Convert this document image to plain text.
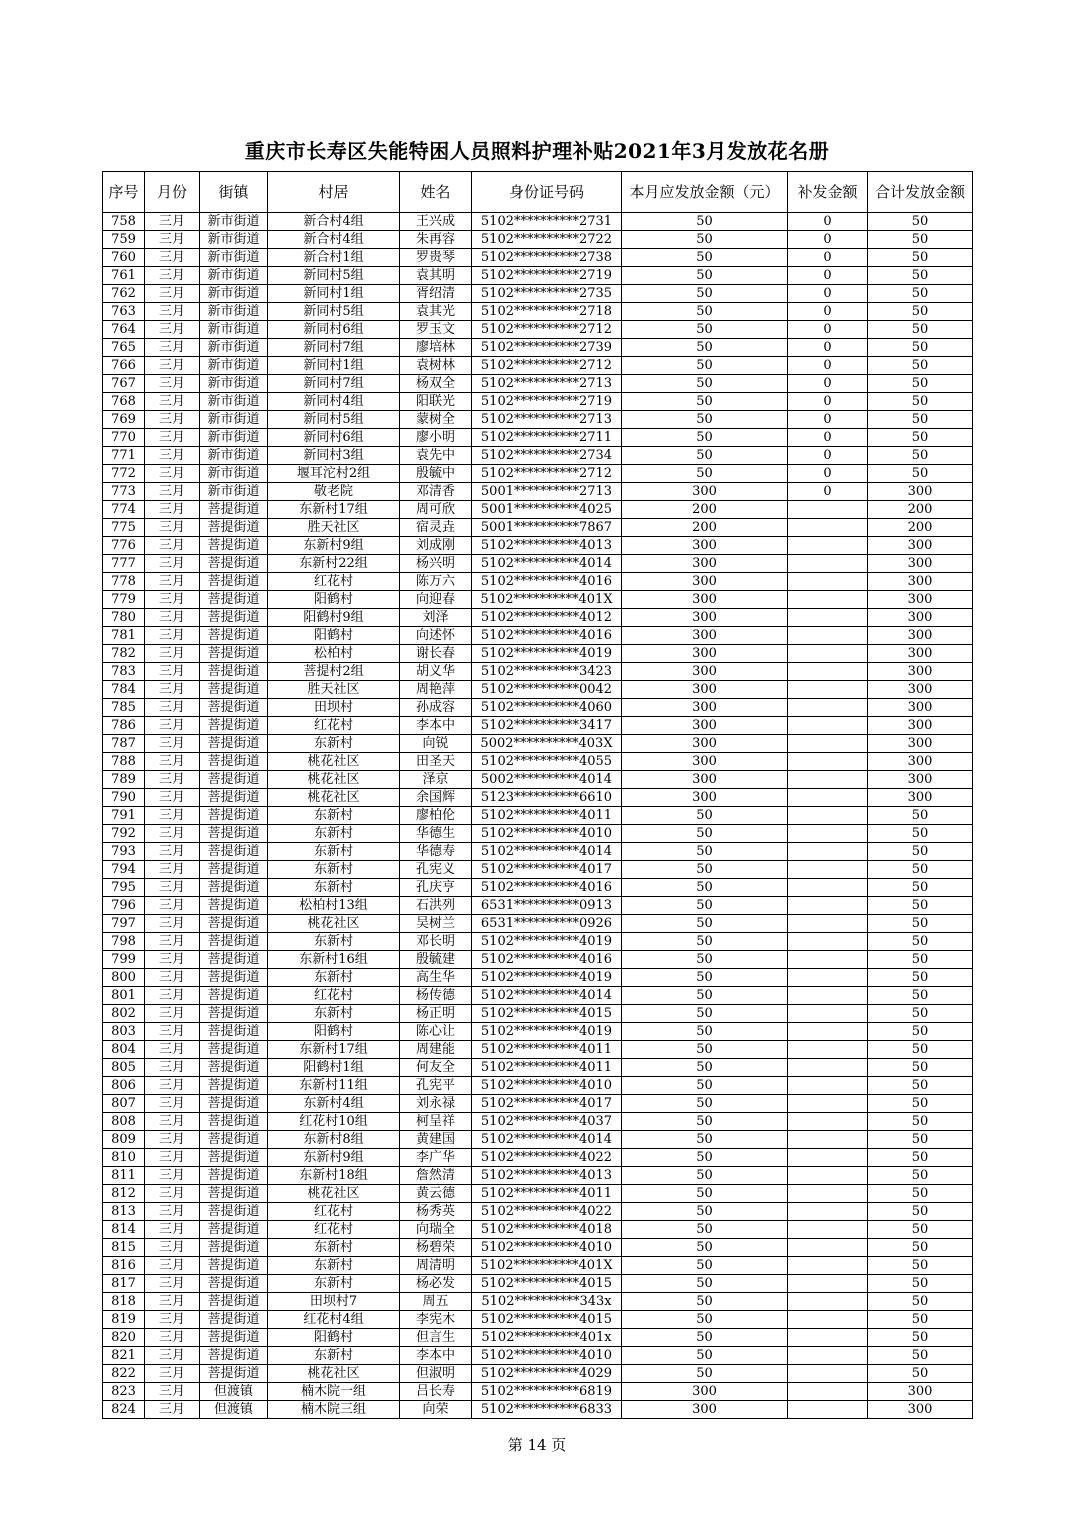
重庆市长寿区失能特困人员照料护理补贴2021年3月发放花名册
序号	月份	街镇	村居	姓名	身份证号码	本月应发放金额（元）	补发金额	合计发放金额
758	三月	新市街道	新合村4组	王兴成	5102**********2731	50	0	50
759	三月	新市街道	新合村4组	朱再容	5102**********2722	50	0	50
760	三月	新市街道	新合村1组	罗贵琴	5102**********2738	50	0	50
761	三月	新市街道	新同村5组	袁其明	5102**********2719	50	0	50
762	三月	新市街道	新同村1组	胥绍清	5102**********2735	50	0	50
763	三月	新市街道	新同村5组	袁其光	5102**********2718	50	0	50
764	三月	新市街道	新同村6组	罗玉文	5102**********2712	50	0	50
765	三月	新市街道	新同村7组	廖培林	5102**********2739	50	0	50
766	三月	新市街道	新同村1组	袁树林	5102**********2712	50	0	50
767	三月	新市街道	新同村7组	杨双全	5102**********2713	50	0	50
768	三月	新市街道	新同村4组	阳联光	5102**********2719	50	0	50
769	三月	新市街道	新同村5组	蒙树全	5102**********2713	50	0	50
770	三月	新市街道	新同村6组	廖小明	5102**********2711	50	0	50
771	三月	新市街道	新同村3组	袁先中	5102**********2734	50	0	50
772	三月	新市街道	堰耳沱村2组	殷毓中	5102**********2712	50	0	50
773	三月	新市街道	敬老院	邓清香	5001**********2713	300	0	300
774	三月	菩提街道	东新村17组	周可欣	5001**********4025	200		200
775	三月	菩提街道	胜天社区	宿灵垚	5001**********7867	200		200
776	三月	菩提街道	东新村9组	刘成刚	5102**********4013	300		300
777	三月	菩提街道	东新村22组	杨兴明	5102**********4014	300		300
778	三月	菩提街道	红花村	陈万六	5102**********4016	300		300
779	三月	菩提街道	阳鹤村	向迎春	5102**********401X	300		300
780	三月	菩提街道	阳鹤村9组	刘泽	5102**********4012	300		300
781	三月	菩提街道	阳鹤村	向述怀	5102**********4016	300		300
782	三月	菩提街道	松柏村	谢长春	5102**********4019	300		300
783	三月	菩提街道	菩提村2组	胡义华	5102**********3423	300		300
784	三月	菩提街道	胜天社区	周艳萍	5102**********0042	300		300
785	三月	菩提街道	田坝村	孙成容	5102**********4060	300		300
786	三月	菩提街道	红花村	李本中	5102**********3417	300		300
787	三月	菩提街道	东新村	向锐	5002**********403X	300		300
788	三月	菩提街道	桃花社区	田圣天	5102**********4055	300		300
789	三月	菩提街道	桃花社区	泽京	5002**********4014	300		300
790	三月	菩提街道	桃花社区	余国辉	5123**********6610	300		300
791	三月	菩提街道	东新村	廖柏伦	5102**********4011	50		50
792	三月	菩提街道	东新村	华德生	5102**********4010	50		50
793	三月	菩提街道	东新村	华德寿	5102**********4014	50		50
794	三月	菩提街道	东新村	孔宪义	5102**********4017	50		50
795	三月	菩提街道	东新村	孔庆亨	5102**********4016	50		50
796	三月	菩提街道	松柏村13组	石洪列	6531**********0913	50		50
797	三月	菩提街道	桃花社区	吴树兰	6531**********0926	50		50
798	三月	菩提街道	东新村	邓长明	5102**********4019	50		50
799	三月	菩提街道	东新村16组	殷毓建	5102**********4016	50		50
800	三月	菩提街道	东新村	高生华	5102**********4019	50		50
801	三月	菩提街道	红花村	杨传德	5102**********4014	50		50
802	三月	菩提街道	东新村	杨正明	5102**********4015	50		50
803	三月	菩提街道	阳鹤村	陈心让	5102**********4019	50		50
804	三月	菩提街道	东新村17组	周建能	5102**********4011	50		50
805	三月	菩提街道	阳鹤村1组	何友全	5102**********4011	50		50
806	三月	菩提街道	东新村11组	孔宪平	5102**********4010	50		50
807	三月	菩提街道	东新村4组	刘永禄	5102**********4017	50		50
808	三月	菩提街道	红花村10组	柯呈祥	5102**********4037	50		50
809	三月	菩提街道	东新村8组	黄建国	5102**********4014	50		50
810	三月	菩提街道	东新村9组	李广华	5102**********4022	50		50
811	三月	菩提街道	东新村18组	詹然清	5102**********4013	50		50
812	三月	菩提街道	桃花社区	黄云德	5102**********4011	50		50
813	三月	菩提街道	红花村	杨秀英	5102**********4022	50		50
814	三月	菩提街道	红花村	向瑞全	5102**********4018	50		50
815	三月	菩提街道	东新村	杨碧荣	5102**********4010	50		50
816	三月	菩提街道	东新村	周清明	5102**********401X	50		50
817	三月	菩提街道	东新村	杨必发	5102**********4015	50		50
818	三月	菩提街道	田坝村7	周五	5102**********343x	50		50
819	三月	菩提街道	红花村4组	李宪木	5102**********4015	50		50
820	三月	菩提街道	阳鹤村	但言生	5102**********401x	50		50
821	三月	菩提街道	东新村	李本中	5102**********4010	50		50
822	三月	菩提街道	桃花社区	但淑明	5102**********4029	50		50
823	三月	但渡镇	楠木院一组	吕长寿	5102**********6819	300		300
824	三月	但渡镇	楠木院三组	向荣	5102**********6833	300		300
第 14 页
